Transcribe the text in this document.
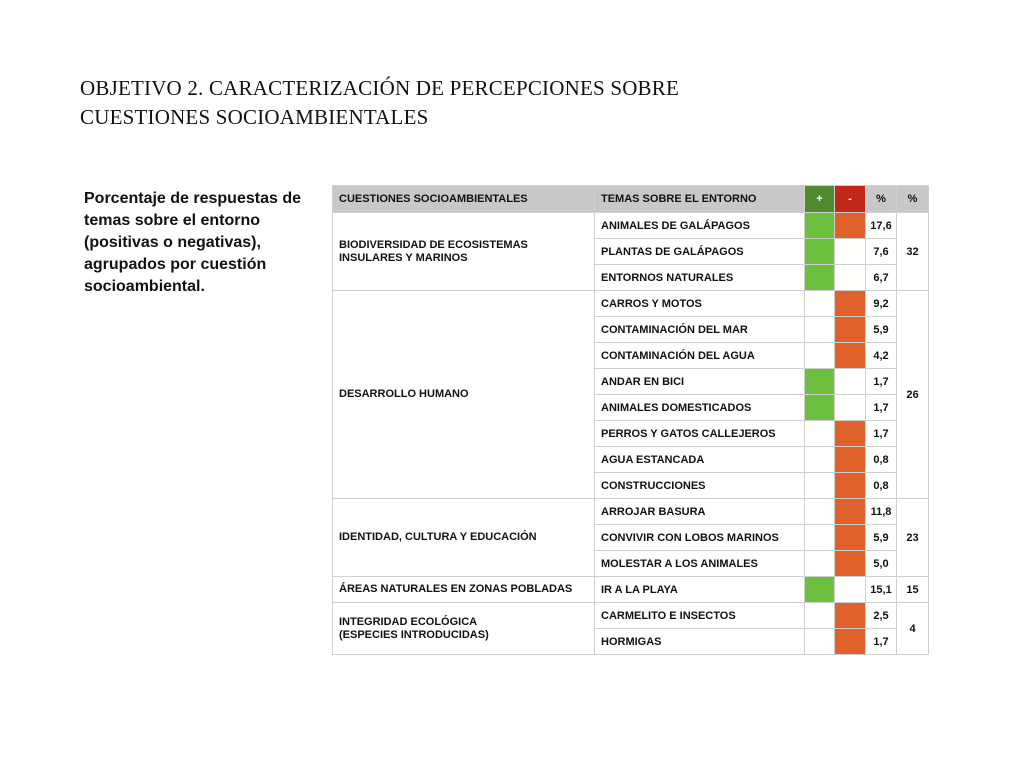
OBJETIVO 2. CARACTERIZACIÓN DE PERCEPCIONES SOBRE
CUESTIONES SOCIOAMBIENTALES
Porcentaje de respuestas de temas sobre el entorno (positivas o negativas), agrupados por cuestión socioambiental.
CUESTIONES SOCIOAMBIENTALES	TEMAS SOBRE EL ENTORNO	+	-	%	%
BIODIVERSIDAD DE ECOSISTEMAS
INSULARES Y MARINOS	ANIMALES DE GALÁPAGOS			17,6	32
	PLANTAS DE GALÁPAGOS			7,6	
	ENTORNOS NATURALES			6,7	
DESARROLLO HUMANO	CARROS Y MOTOS			9,2	26
	CONTAMINACIÓN DEL MAR			5,9	
	CONTAMINACIÓN DEL AGUA			4,2	
	ANDAR EN BICI			1,7	
	ANIMALES DOMESTICADOS			1,7	
	PERROS Y GATOS CALLEJEROS			1,7	
	AGUA ESTANCADA			0,8	
	CONSTRUCCIONES			0,8	
IDENTIDAD, CULTURA Y EDUCACIÓN	ARROJAR BASURA			11,8	23
	CONVIVIR CON LOBOS MARINOS			5,9	
	MOLESTAR A LOS ANIMALES			5,0	
ÁREAS NATURALES EN ZONAS POBLADAS	IR A LA PLAYA			15,1	15
INTEGRIDAD ECOLÓGICA
(ESPECIES INTRODUCIDAS)	CARMELITO E INSECTOS			2,5	4
	HORMIGAS			1,7	
